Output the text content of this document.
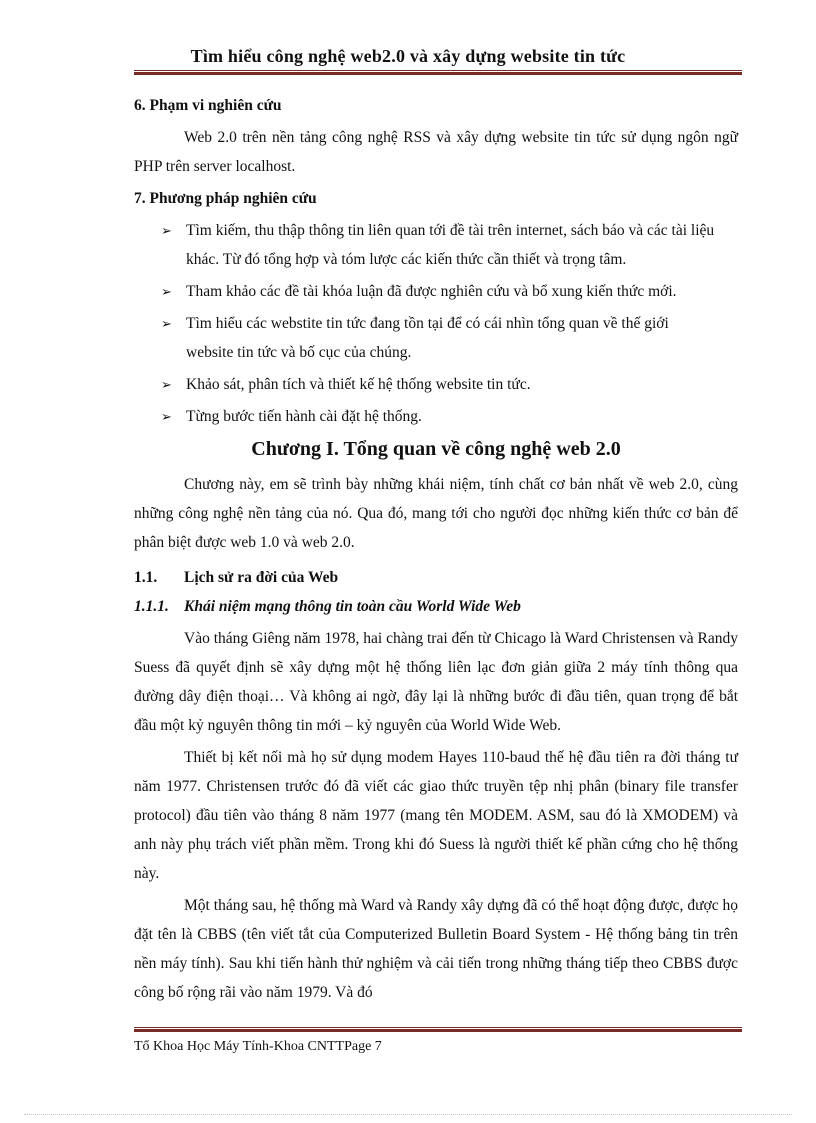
Tìm hiểu công nghệ web2.0 và xây dựng website tin tức
6. Phạm vi nghiên cứu

Web 2.0 trên nền tảng công nghệ RSS và xây dựng website tin tức sử dụng ngôn ngữ PHP trên server localhost.

7. Phương pháp nghiên cứu
➢ Tìm kiếm, thu thập thông tin liên quan tới đề tài trên internet, sách báo và các tài liệu khác. Từ đó tổng hợp và tóm lược các kiến thức cần thiết và trọng tâm.
➢ Tham khảo các đề tài khóa luận đã được nghiên cứu và bổ xung kiến thức mới.
➢ Tìm hiểu các webstite tin tức đang tồn tại để có cái nhìn tổng quan về thế giới website tin tức và bố cục của chúng.
➢ Khảo sát, phân tích và thiết kế hệ thống website tin tức.
➢ Từng bước tiến hành cài đặt hệ thống.
Chương I. Tổng quan về công nghệ web 2.0

Chương này, em sẽ trình bày những khái niệm, tính chất cơ bản nhất về web 2.0, cùng những công nghệ nền tảng của nó. Qua đó, mang tới cho người đọc những kiến thức cơ bản để phân biệt được web 1.0 và web 2.0.

1.1. Lịch sử ra đời của Web
1.1.1. Khái niệm mạng thông tin toàn cầu World Wide Web

Vào tháng Giêng năm 1978, hai chàng trai đến từ Chicago là Ward Christensen và Randy Suess đã quyết định sẽ xây dựng một hệ thống liên lạc đơn giản giữa 2 máy tính thông qua đường dây điện thoại… Và không ai ngờ, đây lại là những bước đi đầu tiên, quan trọng để bắt đầu một kỷ nguyên thông tin mới – kỷ nguyên của World Wide Web.

Thiết bị kết nối mà họ sử dụng modem Hayes 110-baud thế hệ đầu tiên ra đời tháng tư năm 1977. Christensen trước đó đã viết các giao thức truyền tệp nhị phân (binary file transfer protocol) đầu tiên vào tháng 8 năm 1977 (mang tên MODEM. ASM, sau đó là XMODEM) và anh này phụ trách viết phần mềm. Trong khi đó Suess là người thiết kế phần cứng cho hệ thống này.

Một tháng sau, hệ thống mà Ward và Randy xây dựng đã có thể hoạt động được, được họ đặt tên là CBBS (tên viết tắt của Computerized Bulletin Board System - Hệ thống bảng tin trên nền máy tính). Sau khi tiến hành thử nghiệm và cải tiến trong những tháng tiếp theo CBBS được công bố rộng rãi vào năm 1979. Và đó

Tổ Khoa Học Máy Tính-Khoa CNTTPage 7
